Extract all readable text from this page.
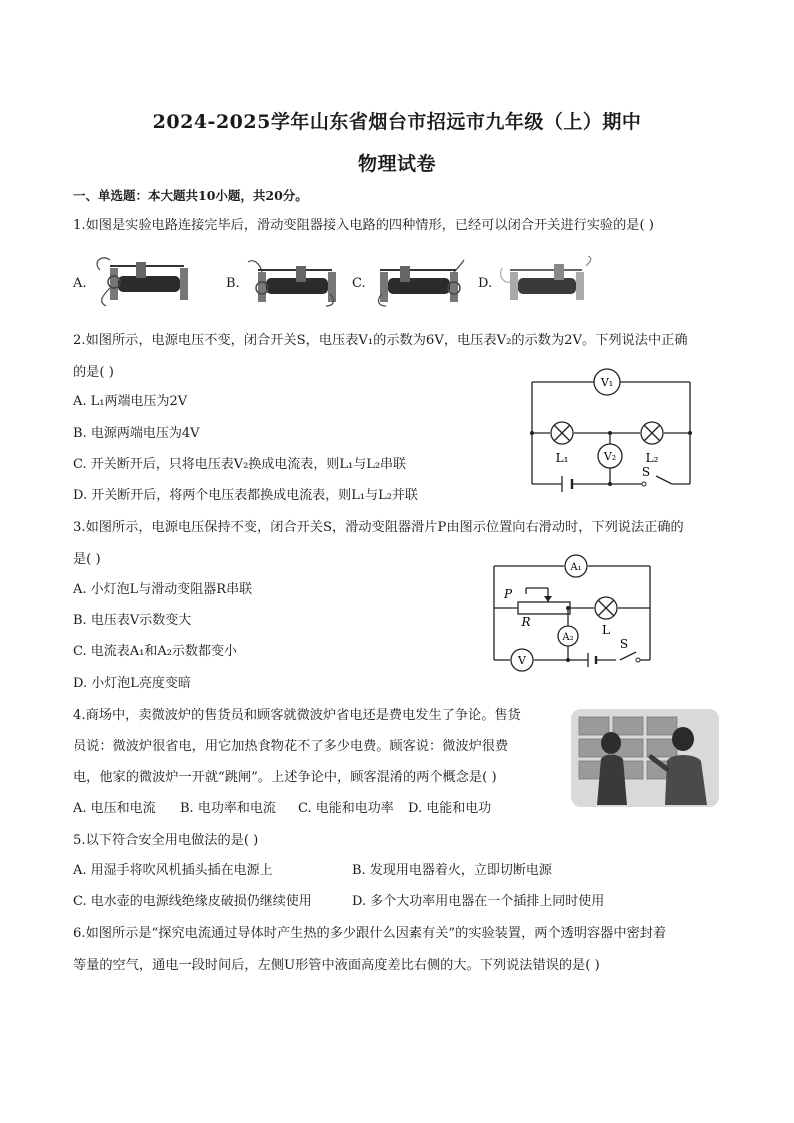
2024-2025学年山东省烟台市招远市九年级（上）期中
物理试卷
一、单选题：本大题共10小题，共20分。
1.如图是实验电路连接完毕后，滑动变阻器接入电路的四种情形，已经可以闭合开关进行实验的是( )
A.	B.	C.	D.
2.如图所示，电源电压不变，闭合开关S，电压表V₁的示数为6V，电压表V₂的示数为2V。下列说法中正确
的是( )
A. L₁两端电压为2V
B. 电源两端电压为4V
C. 开关断开后，只将电压表V₂换成电流表，则L₁与L₂串联
D. 开关断开后，将两个电压表都换成电流表，则L₁与L₂并联
V₁
V₂
L₁	L₂
S
3.如图所示，电源电压保持不变，闭合开关S，滑动变阻器滑片P由图示位置向右滑动时，下列说法正确的
是( )
A. 小灯泡L与滑动变阻器R串联
B. 电压表V示数变大
C. 电流表A₁和A₂示数都变小
D. 小灯泡L亮度变暗
A₁
A₂
P
R
L
V
S
4.商场中，卖微波炉的售货员和顾客就微波炉省电还是费电发生了争论。售货
员说：微波炉很省电，用它加热食物花不了多少电费。顾客说：微波炉很费
电，他家的微波炉一开就“跳闸”。上述争论中，顾客混淆的两个概念是( )
A. 电压和电流 B. 电功率和电流 C. 电能和电功率 D. 电能和电功
5.以下符合安全用电做法的是( )
A. 用湿手将吹风机插头插在电源上	B. 发现用电器着火，立即切断电源
C. 电水壶的电源线绝缘皮破损仍继续使用	D. 多个大功率用电器在一个插排上同时使用
6.如图所示是“探究电流通过导体时产生热的多少跟什么因素有关”的实验装置，两个透明容器中密封着
等量的空气，通电一段时间后，左侧U形管中液面高度差比右侧的大。下列说法错误的是( )
